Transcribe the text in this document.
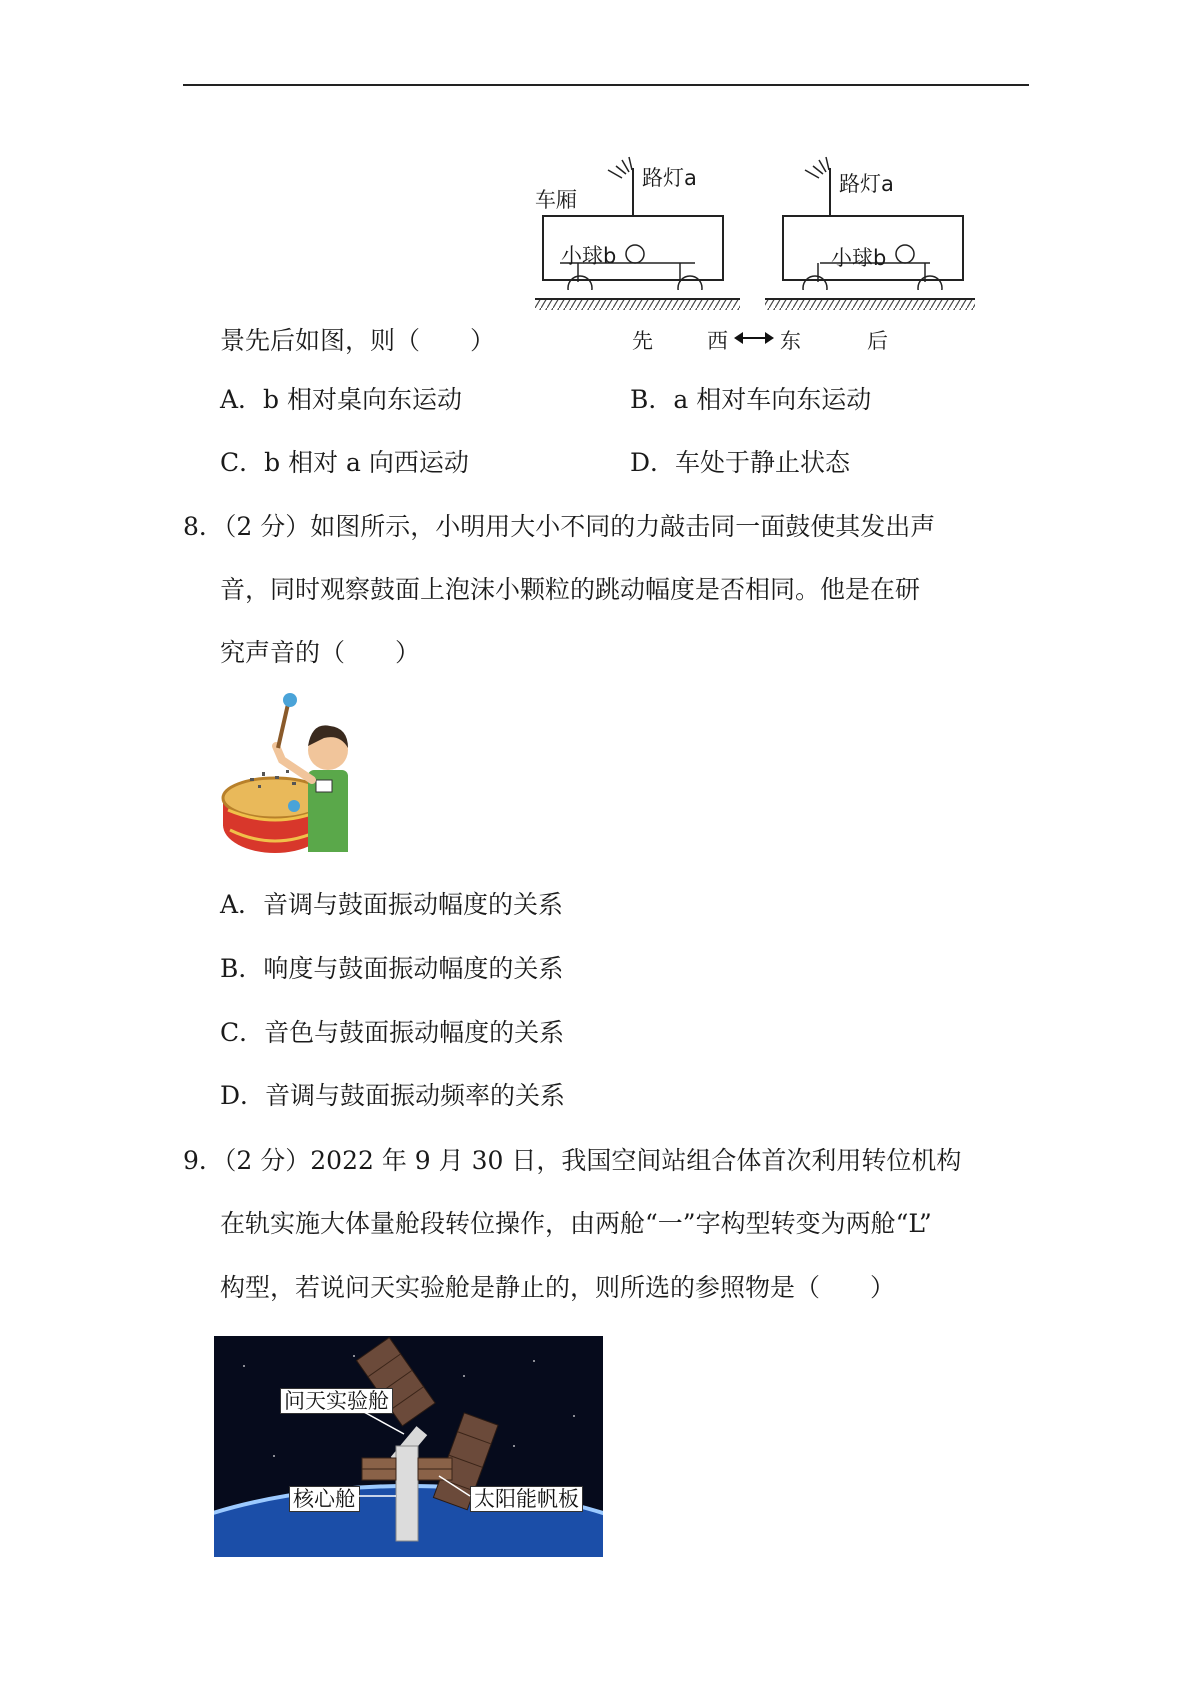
车厢
路灯a	路灯a
小球b	小球b
先	西 东	后
景先后如图，则（　　）
A．b 相对桌向东运动	B．a 相对车向东运动
C．b 相对 a 向西运动	D．车处于静止状态
8．（2 分）如图所示，小明用大小不同的力敲击同一面鼓使其发出声
音，同时观察鼓面上泡沫小颗粒的跳动幅度是否相同。他是在研
究声音的（　　）
A．音调与鼓面振动幅度的关系
B．响度与鼓面振动幅度的关系
C．音色与鼓面振动幅度的关系
D．音调与鼓面振动频率的关系
9．（2 分）2022 年 9 月 30 日，我国空间站组合体首次利用转位机构
在轨实施大体量舱段转位操作，由两舱“一”字构型转变为两舱“L”
构型，若说问天实验舱是静止的，则所选的参照物是（　　）
问天实验舱
核心舱	太阳能帆板
